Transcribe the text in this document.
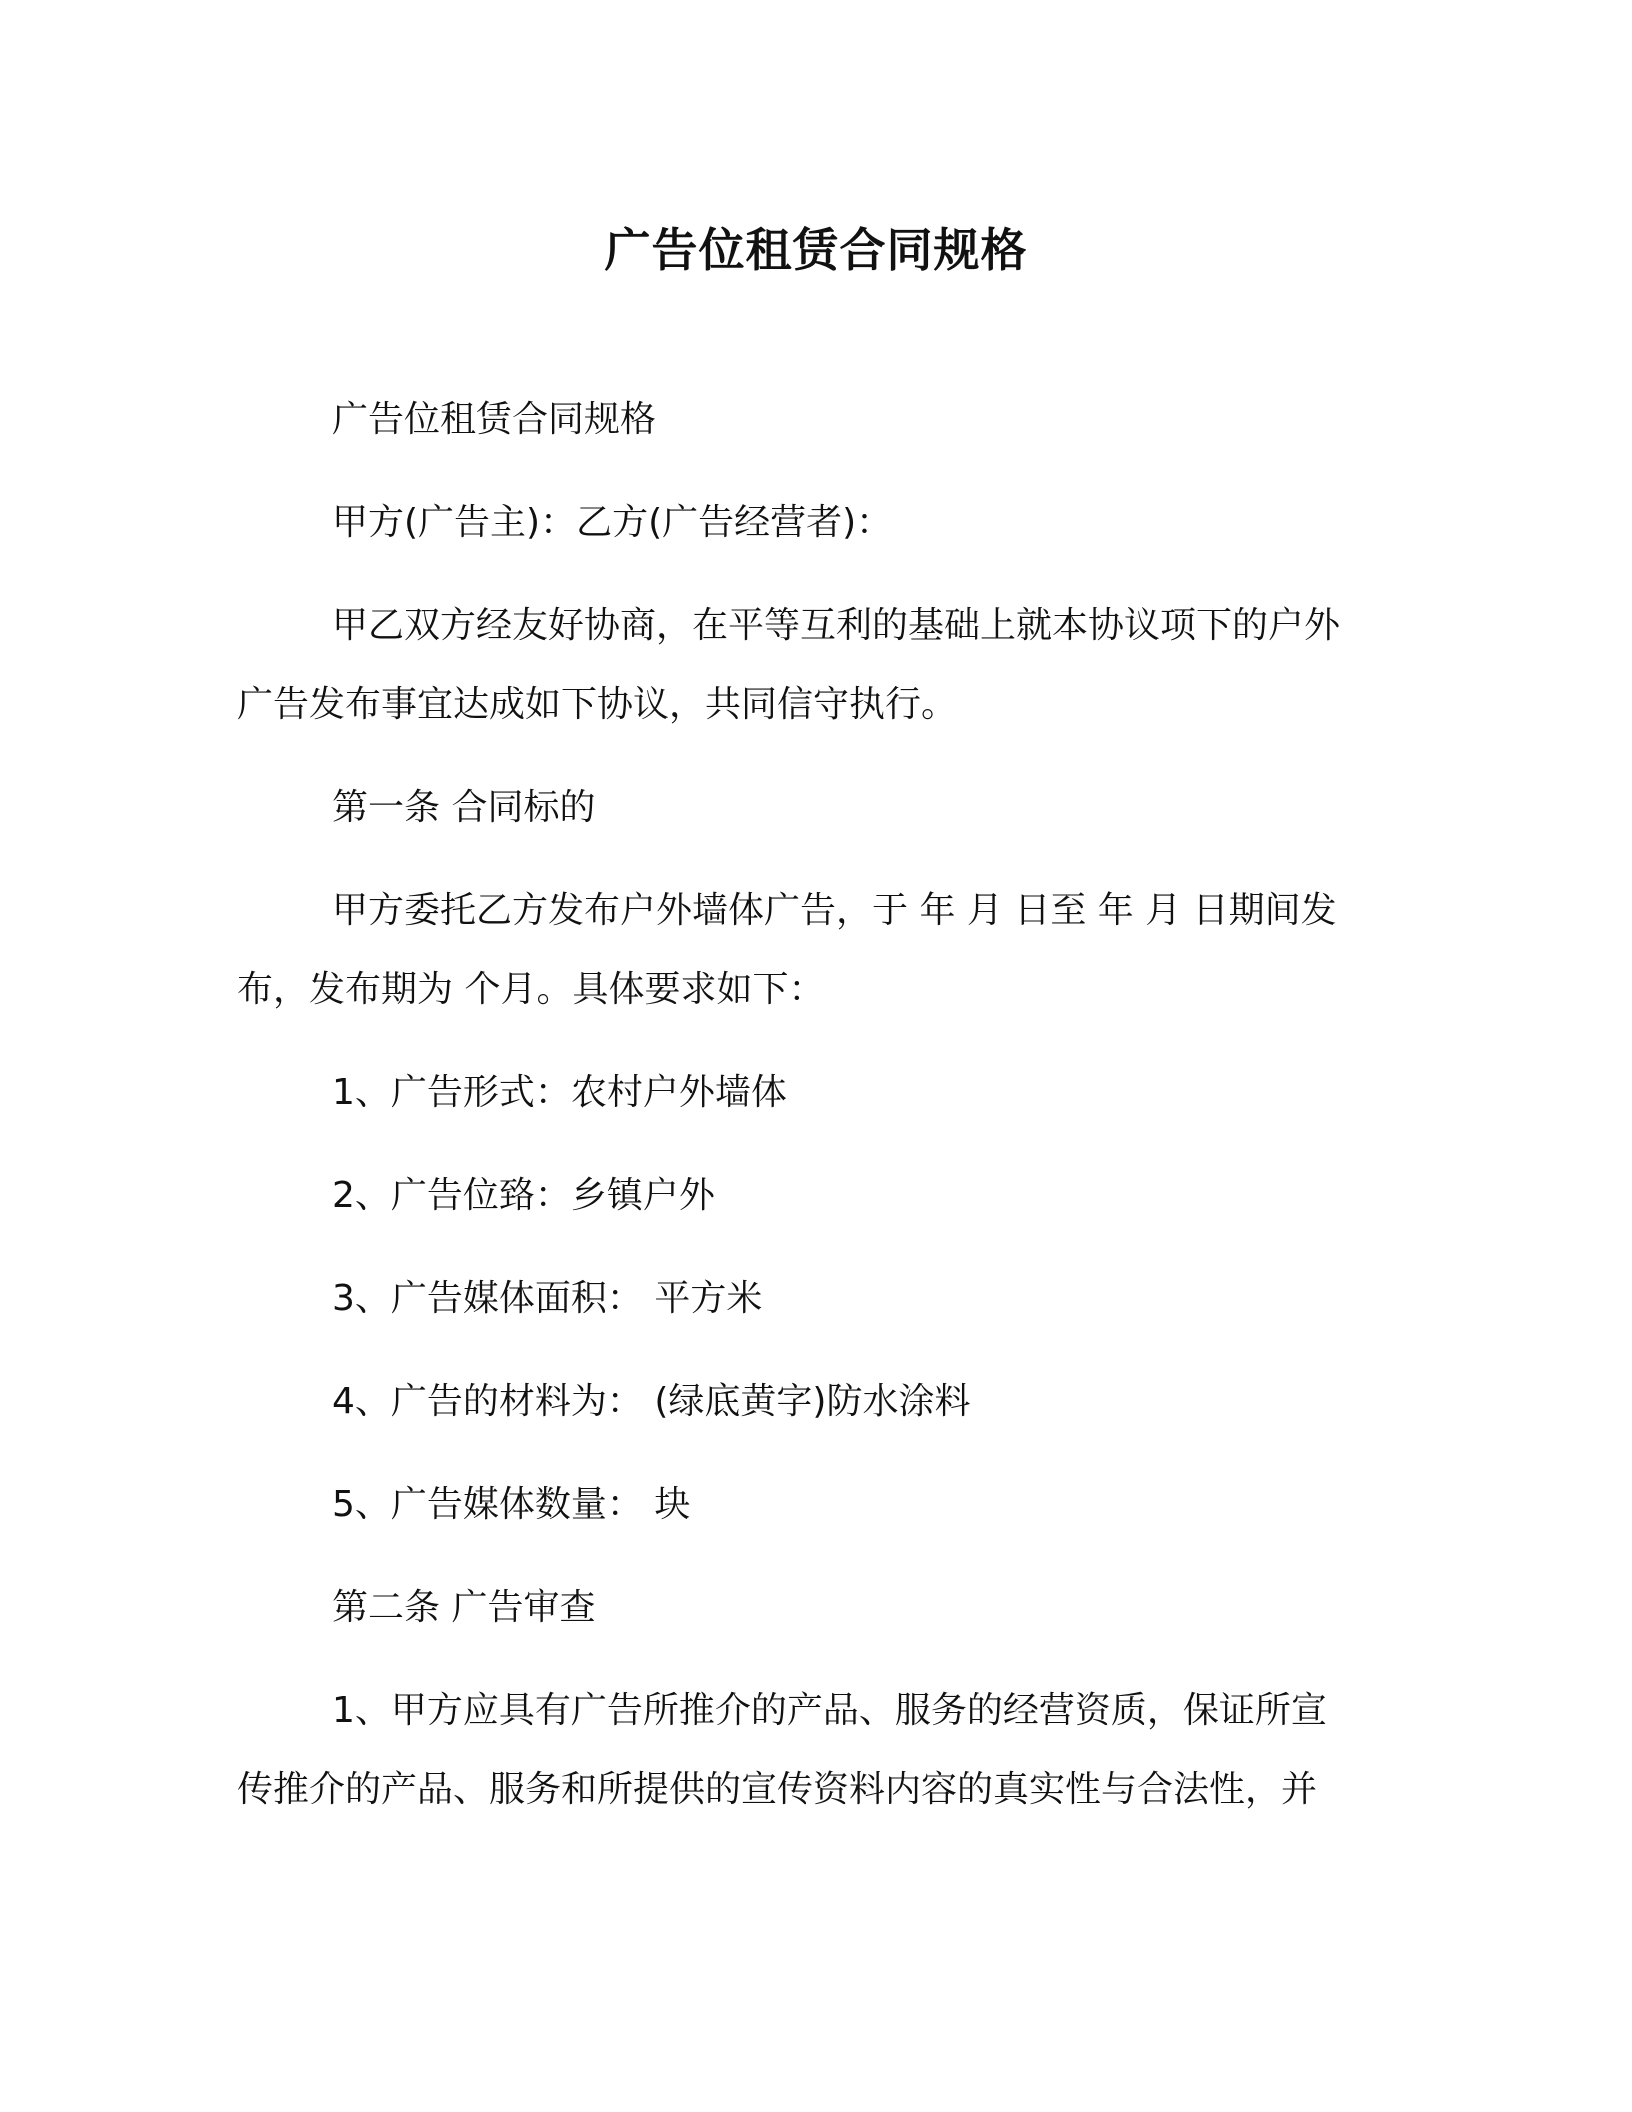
广告位租赁合同规格
广告位租赁合同规格
甲方(广告主)：乙方(广告经营者)：
甲乙双方经友好协商，在平等互利的基础上就本协议项下的户外
广告发布事宜达成如下协议，共同信守执行。
第一条 合同标的
甲方委托乙方发布户外墙体广告，于 年 月 日至 年 月 日期间发
布，发布期为 个月。具体要求如下：
1、广告形式：农村户外墙体
2、广告位臵：乡镇户外
3、广告媒体面积： 平方米
4、广告的材料为： (绿底黄字)防水涂料
5、广告媒体数量： 块
第二条 广告审查
1、甲方应具有广告所推介的产品、服务的经营资质，保证所宣
传推介的产品、服务和所提供的宣传资料内容的真实性与合法性，并
